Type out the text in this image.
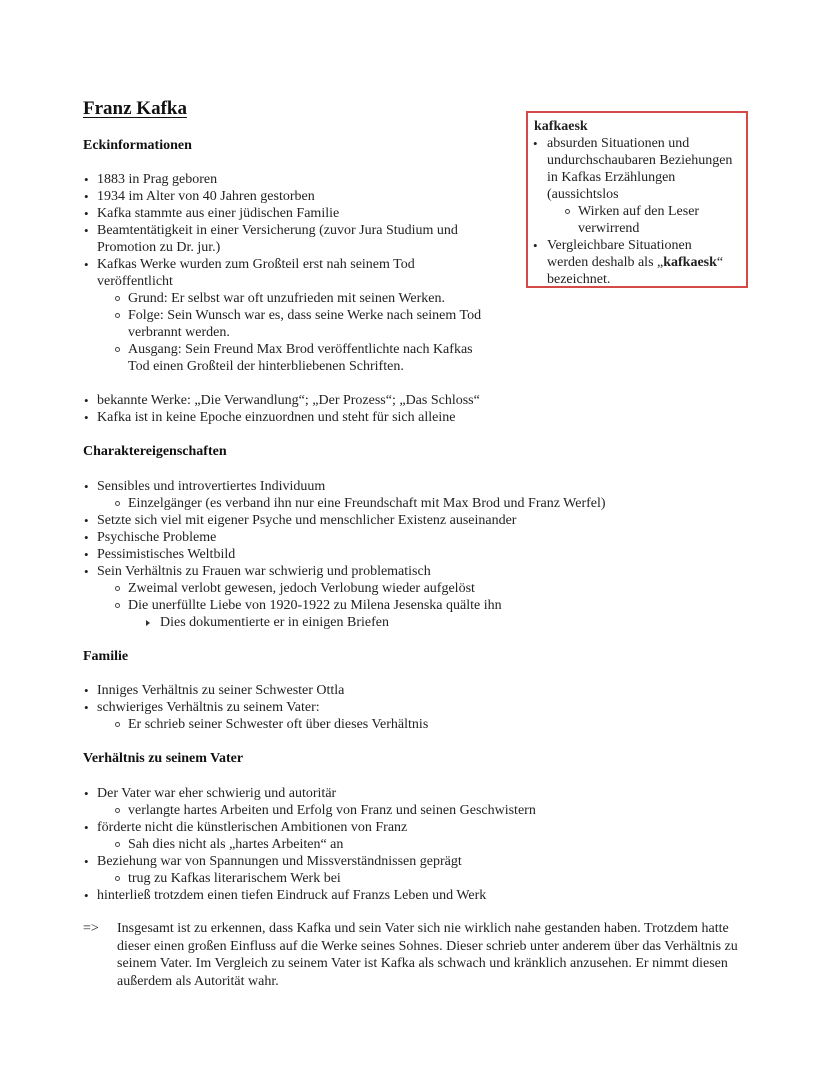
Franz Kafka
Eckinformationen
• 1883 in Prag geboren
• 1934 im Alter von 40 Jahren gestorben
• Kafka stammte aus einer jüdischen Familie
• Beamtentätigkeit in einer Versicherung (zuvor Jura Studium und
Promotion zu Dr. jur.)
• Kafkas Werke wurden zum Großteil erst nah seinem Tod
veröffentlicht
Grund: Er selbst war oft unzufrieden mit seinen Werken.
Folge: Sein Wunsch war es, dass seine Werke nach seinem Tod
verbrannt werden.
Ausgang: Sein Freund Max Brod veröffentlichte nach Kafkas
Tod einen Großteil der hinterbliebenen Schriften.
• bekannte Werke: „Die Verwandlung“; „Der Prozess“; „Das Schloss“
• Kafka ist in keine Epoche einzuordnen und steht für sich alleine
Charaktereigenschaften
• Sensibles und introvertiertes Individuum
Einzelgänger (es verband ihn nur eine Freundschaft mit Max Brod und Franz Werfel)
• Setzte sich viel mit eigener Psyche und menschlicher Existenz auseinander
• Psychische Probleme
• Pessimistisches Weltbild
• Sein Verhältnis zu Frauen war schwierig und problematisch
Zweimal verlobt gewesen, jedoch Verlobung wieder aufgelöst
Die unerfüllte Liebe von 1920-1922 zu Milena Jesenska quälte ihn
Dies dokumentierte er in einigen Briefen
Familie
• Inniges Verhältnis zu seiner Schwester Ottla
• schwieriges Verhältnis zu seinem Vater:
Er schrieb seiner Schwester oft über dieses Verhältnis
Verhältnis zu seinem Vater
• Der Vater war eher schwierig und autoritär
verlangte hartes Arbeiten und Erfolg von Franz und seinen Geschwistern
• förderte nicht die künstlerischen Ambitionen von Franz
Sah dies nicht als „hartes Arbeiten“ an
• Beziehung war von Spannungen und Missverständnissen geprägt
trug zu Kafkas literarischem Werk bei
• hinterließ trotzdem einen tiefen Eindruck auf Franzs Leben und Werk
=> Insgesamt ist zu erkennen, dass Kafka und sein Vater sich nie wirklich nahe gestanden haben. Trotzdem hatte dieser einen großen Einfluss auf die Werke seines Sohnes. Dieser schrieb unter anderem über das Verhältnis zu seinem Vater. Im Vergleich zu seinem Vater ist Kafka als schwach und kränklich anzusehen. Er nimmt diesen außerdem als Autorität wahr.

kafkaesk
• absurden Situationen und
undurchschaubaren Beziehungen
in Kafkas Erzählungen
(aussichtslos
Wirken auf den Leser
verwirrend
• Vergleichbare Situationen
werden deshalb als „kafkaesk“
bezeichnet.
